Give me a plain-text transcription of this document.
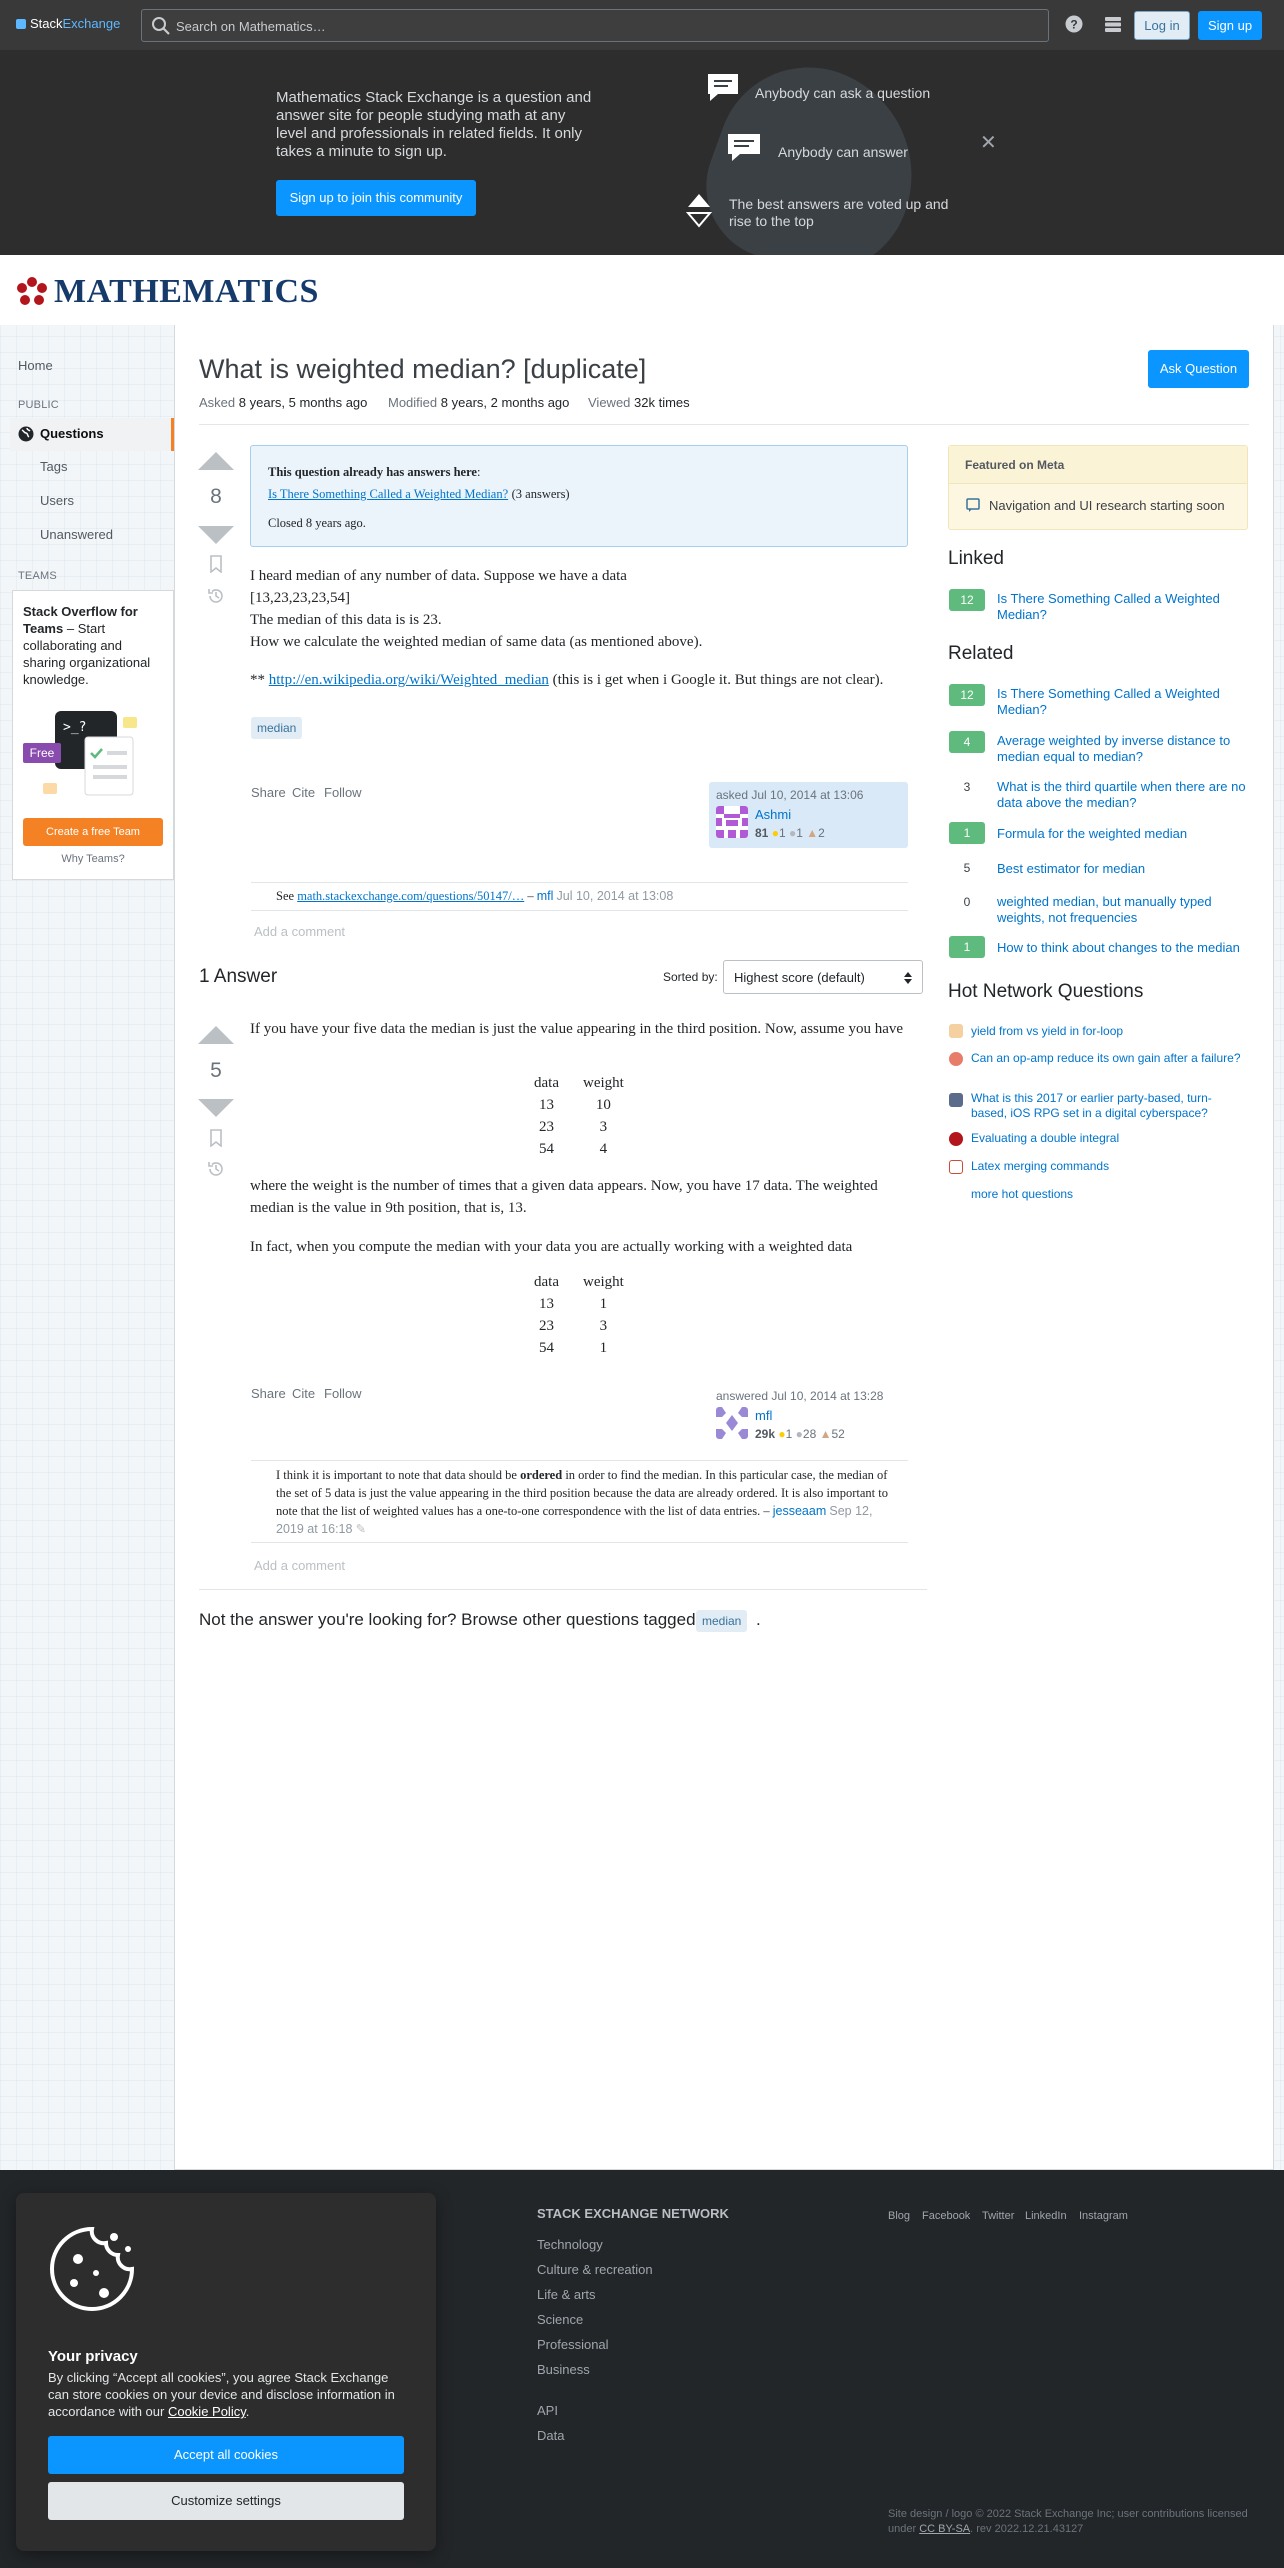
StackExchange	Search on Mathematics…	?	Log in	Sign up
Mathematics Stack Exchange is a question and answer site for people studying math at any level and professionals in related fields. It only takes a minute to sign up.
Sign up to join this community
Anybody can ask a question
Anybody can answer
The best answers are voted up and rise to the top
✕
MATHEMATICS
Home
PUBLIC
Questions
Tags
Users
Unanswered
TEAMS
Stack Overflow for Teams – Start collaborating and sharing organizational knowledge.
>_?
Free
Create a free Team
Why Teams?
What is weighted median? [duplicate]	Ask Question
Asked 8 years, 5 months ago Modified 8 years, 2 months ago Viewed 32k times
8
This question already has answers here:
Is There Something Called a Weighted Median? (3 answers)
Closed 8 years ago.
I heard median of any number of data. Suppose we have a data
[13,23,23,23,54]
The median of this data is is 23.
How we calculate the weighted median of same data (as mentioned above).
** http://en.wikipedia.org/wiki/Weighted_median (this is i get when i Google it. But things are not clear).
median
Share Cite Follow	asked Jul 10, 2014 at 13:06
Ashmi
81 ●1 ●1 ▲2
See math.stackexchange.com/questions/50147/… – mfl Jul 10, 2014 at 13:08
Add a comment
1 Answer	Sorted by: Highest score (default)
5
If you have your five data the median is just the value appearing in the third position. Now, assume you have
data	weight
13	10
23	3
54	4
where the weight is the number of times that a given data appears. Now, you have 17 data. The weighted median is the value in 9th position, that is, 13.
In fact, when you compute the median with your data you are actually working with a weighted data
data	weight
13	1
23	3
54	1
Share Cite Follow	answered Jul 10, 2014 at 13:28
mfl
29k ●1 ●28 ▲52
I think it is important to note that data should be ordered in order to find the median. In this particular case, the median of the set of 5 data is just the value appearing in the third position because the data are already ordered. It is also important to note that the list of weighted values has a one-to-one correspondence with the list of data entries. – jesseaam Sep 12, 2019 at 16:18 ✎
Add a comment
Not the answer you're looking for? Browse other questions tagged median .
Featured on Meta
Navigation and UI research starting soon
Linked
12	Is There Something Called a Weighted Median?
Related
12	Is There Something Called a Weighted Median?
4	Average weighted by inverse distance to median equal to median?
3	What is the third quartile when there are no data above the median?
1	Formula for the weighted median
5	Best estimator for median
0	weighted median, but manually typed weights, not frequencies
1	How to think about changes to the median
Hot Network Questions
yield from vs yield in for-loop
Can an op-amp reduce its own gain after a failure?
What is this 2017 or earlier party-based, turn-based, iOS RPG set in a digital cyberspace?
Evaluating a double integral
Latex merging commands
more hot questions
STACK EXCHANGE NETWORK
Technology
Culture & recreation
Life & arts
Science
Professional
Business
API
Data
Blog Facebook Twitter LinkedIn Instagram
Site design / logo © 2022 Stack Exchange Inc; user contributions licensed
under CC BY-SA. rev 2022.12.21.43127
Your privacy
By clicking “Accept all cookies”, you agree Stack Exchange can store cookies on your device and disclose information in accordance with our Cookie Policy.
Accept all cookies
Customize settings
